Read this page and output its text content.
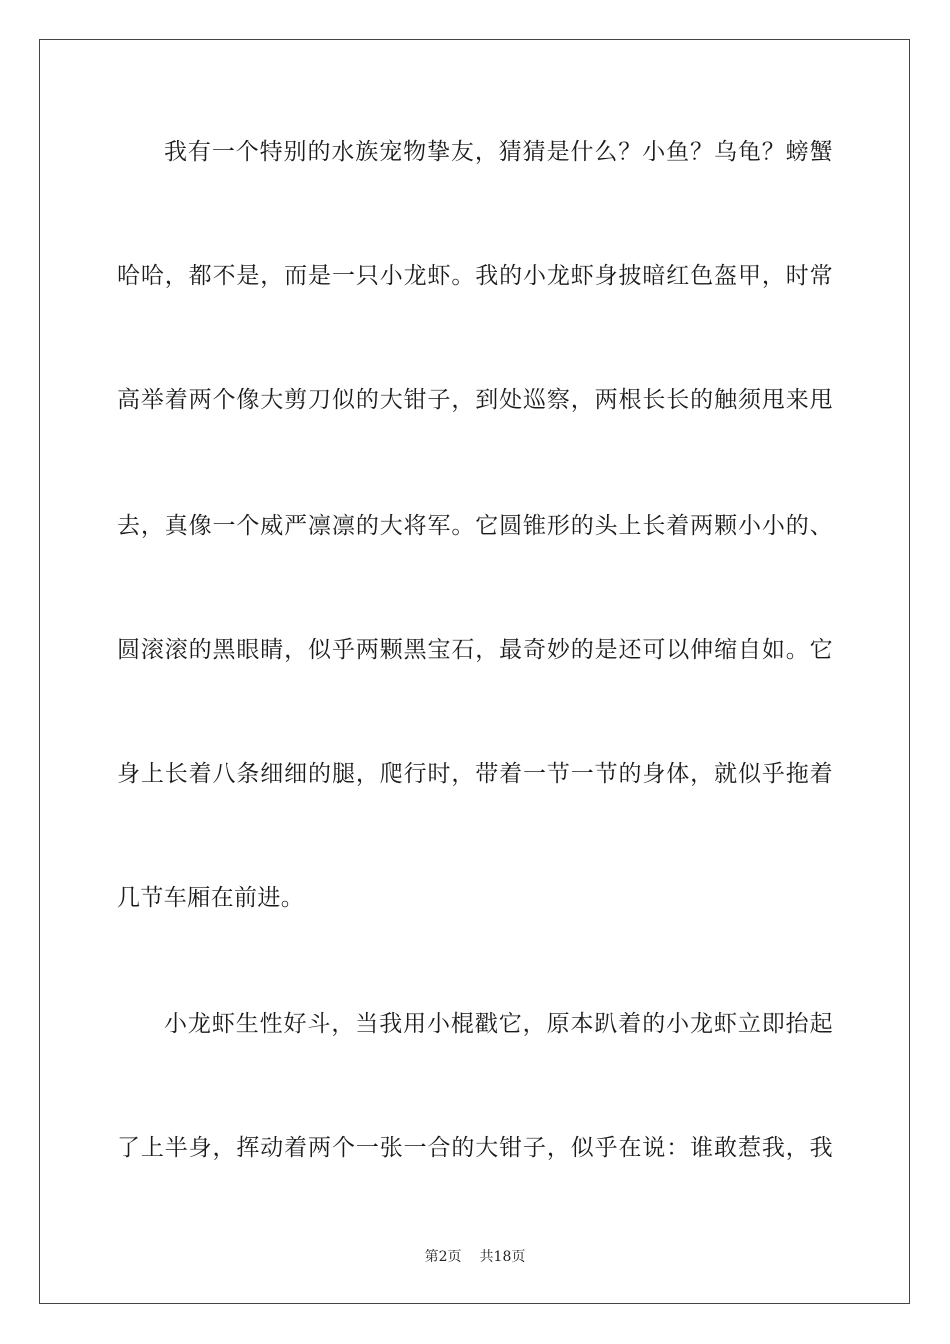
我有一个特别的水族宠物挚友，猜猜是什么？小鱼？乌龟？螃蟹
哈哈，都不是，而是一只小龙虾。我的小龙虾身披暗红色盔甲，时常
高举着两个像大剪刀似的大钳子，到处巡察，两根长长的触须甩来甩
去，真像一个威严凛凛的大将军。它圆锥形的头上长着两颗小小的、
圆滚滚的黑眼睛，似乎两颗黑宝石，最奇妙的是还可以伸缩自如。它
身上长着八条细细的腿，爬行时，带着一节一节的身体，就似乎拖着
几节车厢在前进。
小龙虾生性好斗，当我用小棍戳它，原本趴着的小龙虾立即抬起
了上半身，挥动着两个一张一合的大钳子，似乎在说：谁敢惹我，我
第2页 共18页
